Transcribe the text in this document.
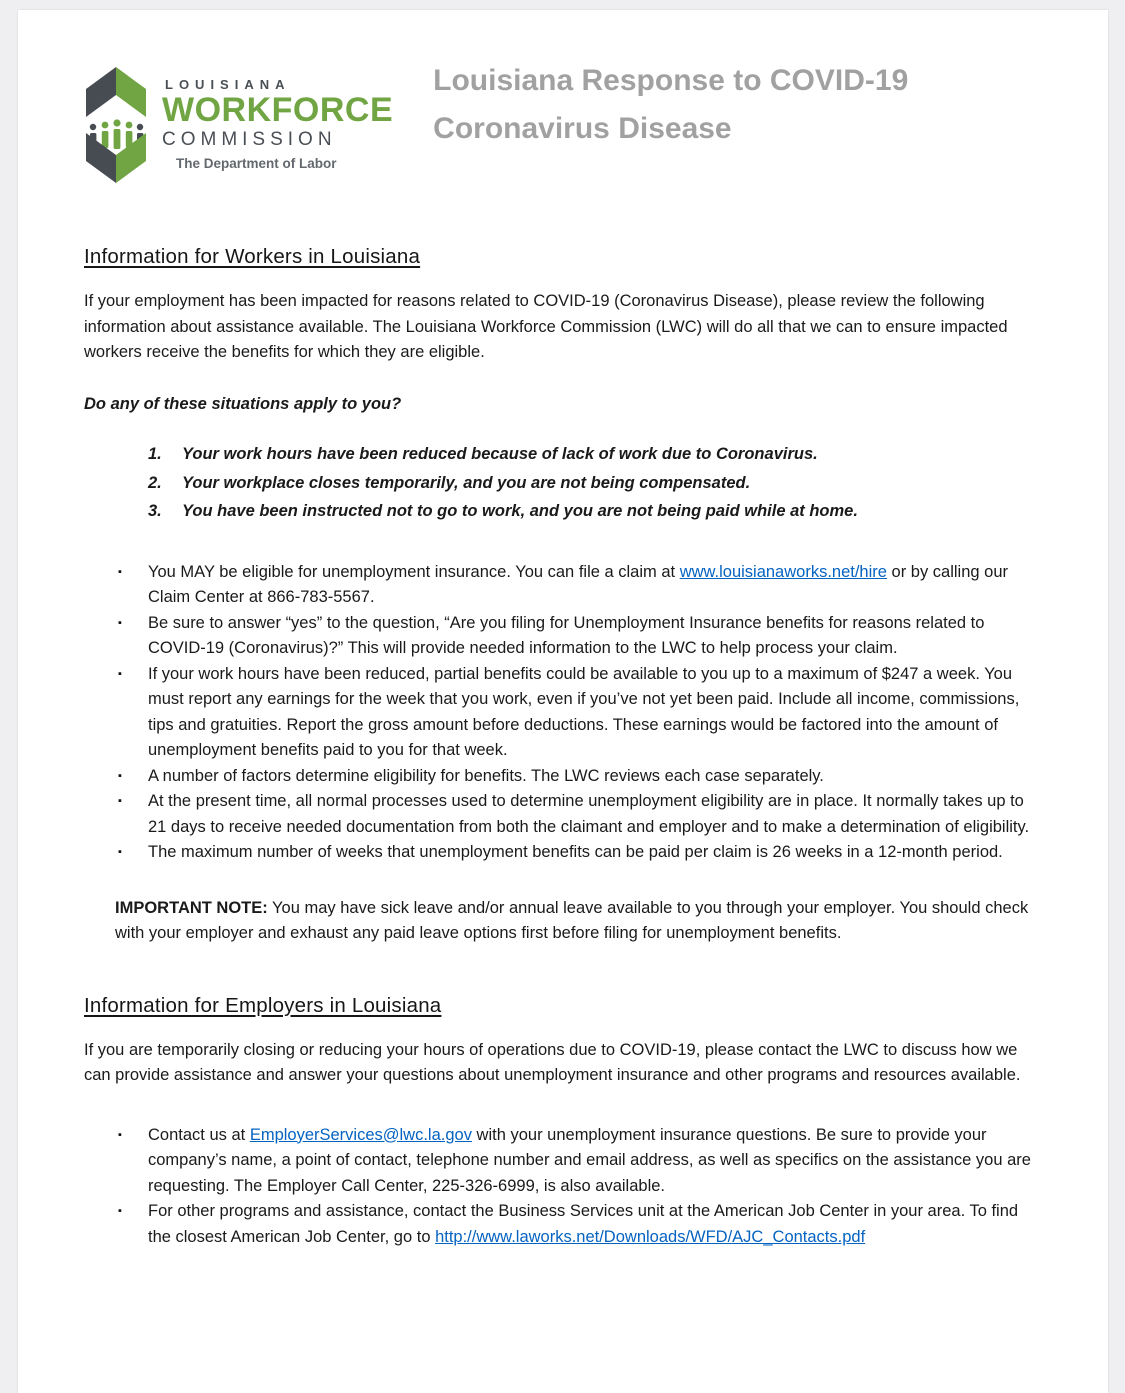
LOUISIANA
WORKFORCE
COMMISSION
The Department of Labor
Louisiana Response to COVID-19
Coronavirus Disease
Information for Workers in Louisiana

If your employment has been impacted for reasons related to COVID-19 (Coronavirus Disease), please review the following information about assistance available. The Louisiana Workforce Commission (LWC) will do all that we can to ensure impacted workers receive the benefits for which they are eligible.

Do any of these situations apply to you?

1.	Your work hours have been reduced because of lack of work due to Coronavirus.
2.	Your workplace closes temporarily, and you are not being compensated.
3.	You have been instructed not to go to work, and you are not being paid while at home.
▪	You MAY be eligible for unemployment insurance. You can file a claim at www.louisianaworks.net/hire or by calling our Claim Center at 866-783-5567.
▪	Be sure to answer “yes” to the question, “Are you filing for Unemployment Insurance benefits for reasons related to COVID-19 (Coronavirus)?” This will provide needed information to the LWC to help process your claim.
▪	If your work hours have been reduced, partial benefits could be available to you up to a maximum of $247 a week. You must report any earnings for the week that you work, even if you’ve not yet been paid. Include all income, commissions, tips and gratuities. Report the gross amount before deductions. These earnings would be factored into the amount of unemployment benefits paid to you for that week.
▪	A number of factors determine eligibility for benefits. The LWC reviews each case separately.
▪	At the present time, all normal processes used to determine unemployment eligibility are in place. It normally takes up to 21 days to receive needed documentation from both the claimant and employer and to make a determination of eligibility.
▪	The maximum number of weeks that unemployment benefits can be paid per claim is 26 weeks in a 12-month period.

IMPORTANT NOTE: You may have sick leave and/or annual leave available to you through your employer. You should check with your employer and exhaust any paid leave options first before filing for unemployment benefits.

Information for Employers in Louisiana

If you are temporarily closing or reducing your hours of operations due to COVID-19, please contact the LWC to discuss how we can provide assistance and answer your questions about unemployment insurance and other programs and resources available.

▪	Contact us at EmployerServices@lwc.la.gov with your unemployment insurance questions. Be sure to provide your company’s name, a point of contact, telephone number and email address, as well as specifics on the assistance you are requesting. The Employer Call Center, 225-326-6999, is also available.
▪	For other programs and assistance, contact the Business Services unit at the American Job Center in your area. To find the closest American Job Center, go to http://www.laworks.net/Downloads/WFD/AJC_Contacts.pdf
